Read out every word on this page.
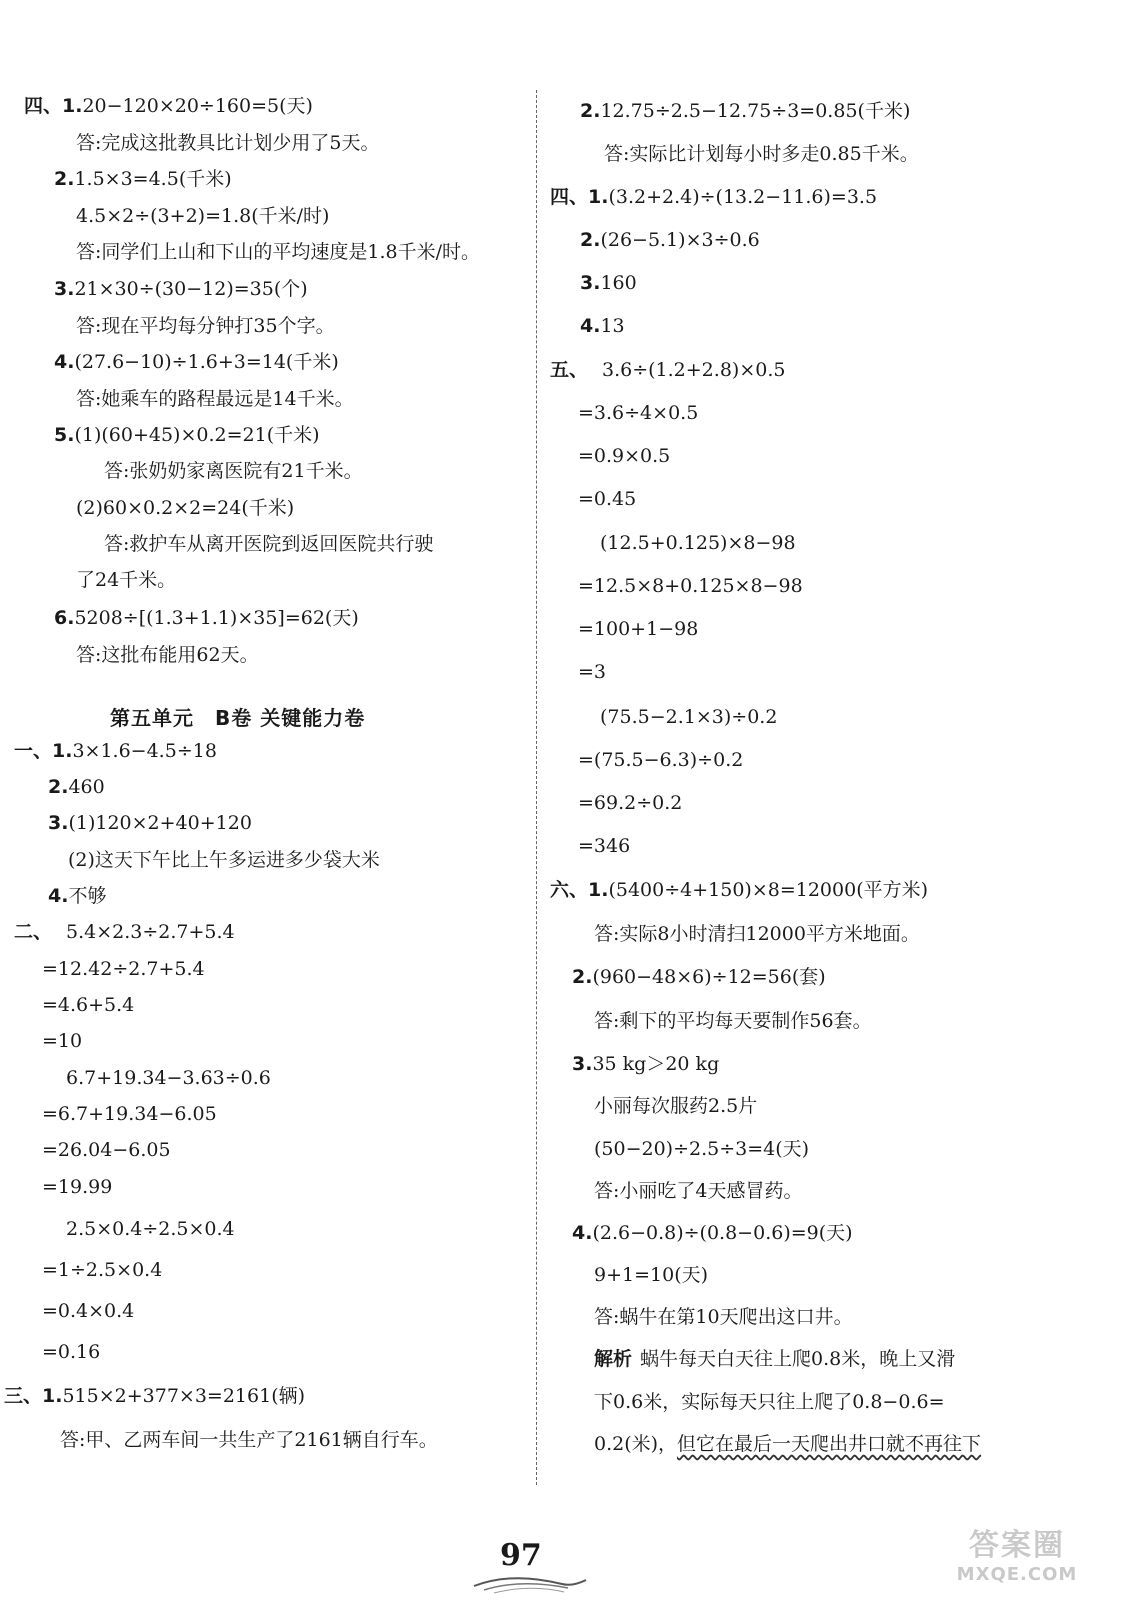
四、1.20−120×20÷160=5(天)
答:完成这批教具比计划少用了5天。
2.1.5×3=4.5(千米)
4.5×2÷(3+2)=1.8(千米/时)
答:同学们上山和下山的平均速度是1.8千米/时。
3.21×30÷(30−12)=35(个)
答:现在平均每分钟打35个字。
4.(27.6−10)÷1.6+3=14(千米)
答:她乘车的路程最远是14千米。
5.(1)(60+45)×0.2=21(千米)
答:张奶奶家离医院有21千米。
(2)60×0.2×2=24(千米)
答:救护车从离开医院到返回医院共行驶
了24千米。
6.5208÷[(1.3+1.1)×35]=62(天)
答:这批布能用62天。
第五单元　B卷 关键能力卷
一、1.3×1.6−4.5÷18
2.460
3.(1)120×2+40+120
(2)这天下午比上午多运进多少袋大米
4.不够
二、 5.4×2.3÷2.7+5.4
=12.42÷2.7+5.4
=4.6+5.4
=10
6.7+19.34−3.63÷0.6
=6.7+19.34−6.05
=26.04−6.05
=19.99
2.5×0.4÷2.5×0.4
=1÷2.5×0.4
=0.4×0.4
=0.16
三、1.515×2+377×3=2161(辆)
答:甲、乙两车间一共生产了2161辆自行车。
2.12.75÷2.5−12.75÷3=0.85(千米)
答:实际比计划每小时多走0.85千米。
四、1.(3.2+2.4)÷(13.2−11.6)=3.5
2.(26−5.1)×3÷0.6
3.160
4.13
五、 3.6÷(1.2+2.8)×0.5
=3.6÷4×0.5
=0.9×0.5
=0.45
(12.5+0.125)×8−98
=12.5×8+0.125×8−98
=100+1−98
=3
(75.5−2.1×3)÷0.2
=(75.5−6.3)÷0.2
=69.2÷0.2
=346
六、1.(5400÷4+150)×8=12000(平方米)
答:实际8小时清扫12000平方米地面。
2.(960−48×6)÷12=56(套)
答:剩下的平均每天要制作56套。
3.35 kg＞20 kg
小丽每次服药2.5片
(50−20)÷2.5÷3=4(天)
答:小丽吃了4天感冒药。
4.(2.6−0.8)÷(0.8−0.6)=9(天)
9+1=10(天)
答:蜗牛在第10天爬出这口井。
解析 蜗牛每天白天往上爬0.8米，晚上又滑
下0.6米，实际每天只往上爬了0.8−0.6=
0.2(米)，但它在最后一天爬出井口就不再往下
97	答案圈
MXQE.COM
